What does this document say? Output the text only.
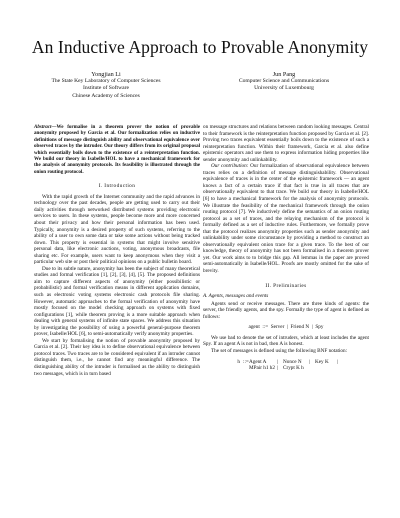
An Inductive Approach to Provable Anonymity
Yongjian Li
The State Key Laboratory of Computer Sciences
Institute of Software
Chinese Academy of Sciences
Jun Pang
Computer Science and Communications
University of Luxembourg

Abstract—We formalise in a theorem prover the notion of provable anonymity proposed by Garcia et al. Our formalization relies on inductive definitions of message distinguish ability and observational equivalence over observed traces by the intruder. Our theory differs from its original proposal which essentially boils down to the existence of a reinterpretation function. We build our theory in Isabelle/HOL to have a mechanical framework for the analysis of anonymity protocols. Its feasibility is illustrated through the onion routing protocol.

I. Introduction

With the rapid growth of the Internet community and the rapid advances in technology over the past decades, people are getting used to carry out their daily activities through networked distributed systems providing electronic services to users. In these systems, people become more and more concerned about their privacy and how their personal information has been used. Typically, anonymity is a desired property of such systems, referring to the ability of a user to own some data or take some actions without being tracked down. This property is essential in systems that might involve sensitive personal data, like electronic auctions, voting, anonymous broadcasts, file sharing etc. For example, users want to keep anonymous when they visit a particular web site or post their political opinions on a public bulletin board.

Due to its subtle nature, anonymity has been the subject of many theoretical studies and formal verification [1], [2], [3], [4], [5]. The proposed definitions aim to capture different aspects of anonymity (either possibilistic or probabilistic) and formal verification means in different application domains, such as electronic voting systems electronic cash protocols file sharing. However, automatic approaches to the formal verification of anonymity have mostly focused on the model checking approach on systems with fixed configurations [1], while theorem proving is a more suitable approach when dealing with general systems of infinite state spaces. We address this situation by investigating the possibility of using a powerful general-purpose theorem prover, Isabelle/HOL [6], to semi-automatically verify anonymity properties.

We start by formalising the notion of provable anonymity proposed by Garcia et al. [2]. Their key idea is to define observational equivalence between protocol traces. Two traces are to be considered equivalent if an intruder cannot distinguish them, i.e., he cannot find any meaningful difference. The distinguishing ability of the intruder is formalised as the ability to distinguish two messages, which is in turn based

on message structures and relations between random looking messages. Central to their framework is the reinterpretation function proposed by Garcia et al. [2]. Proving two traces equivalent essentially boils down to the existence of such a reinterpretation function. Within their framework, Garcia et al. also define epistemic operators and use them to express information hiding properties like sender anonymity and unlinkability.

Our contribution: Our formalization of observational equivalence between traces relies on a definition of message distinguishability. Observational equivalence of traces is in the center of the epistemic framework — an agent knows a fact of a certain trace if that fact is true in all traces that are observationally equivalent to that trace. We build our theory in Isabelle/HOL [6] to have a mechanical framework for the analysis of anonymity protocols. We illustrate the feasibility of the mechanical framework through the onion routing protocol [7]. We inductively define the semantics of an onion routing protocol as a set of traces, and the relaying mechanism of the protocol is formally defined as a set of inductive rules. Furthermore, we formally prove that the protocol realizes anonymity properties such as sender anonymity and unlinkability under some circumstance by providing a method to construct an observationally equivalent onion trace for a given trace. To the best of our knowledge, theory of anonymity has not been formalised in a theorem prover yet. Our work aims to to bridge this gap. All lemmas in the paper are proved semi-automatically in Isabelle/HOL. Proofs are mostly omitted for the sake of brevity.

II. Preliminaries
A. Agents, messages and events

Agents send or receive messages. There are three kinds of agents: the server, the friendly agents, and the spy. Formally the type of agent is defined as follows:

agent ::= Server | Friend N | Spy

We use bad to denote the set of intruders, which at least includes the agent Spy. If an agent A is not in bad, then A is honest.

The set of messages is defined using the following BNF notation:

h ::= Agent A	| Nonce N	| Key K	|
MPair h1 h2 | Crypt K h
